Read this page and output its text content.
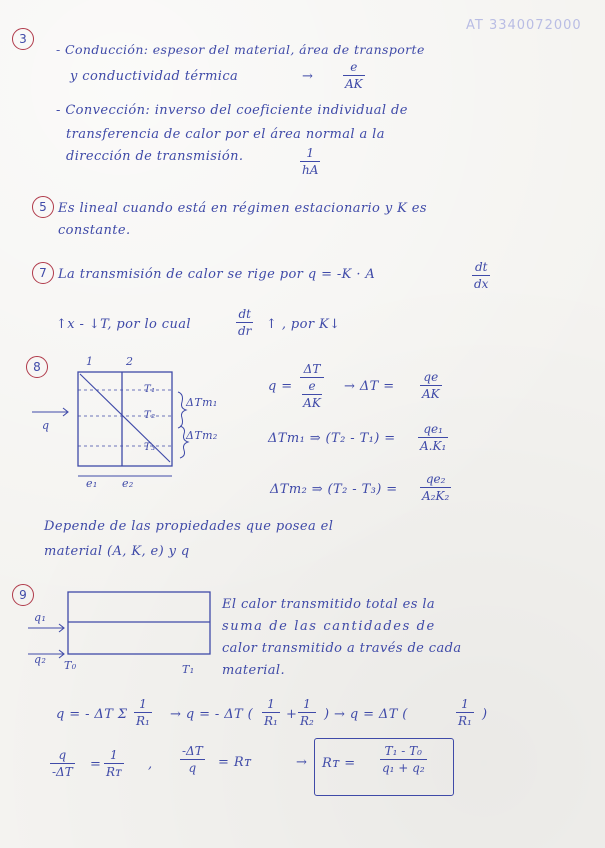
AT 3340072000
3
- Conducción: espesor del material, área de transporte
y conductividad térmica	→
e
AK
- Convección: inverso del coeficiente individual de
transferencia de calor por el área normal a la
dirección de transmisión.	1
hA
5 Es lineal cuando está en régimen estacionario y K es
constante.
7 La transmisión de calor se rige por q = -K · A	dt
dx
↑x - ↓T, por lo cual
dt
dr ↑ , por K↓
8	1	2
T₁
T₂
T₃
ΔTm₁
ΔTm₂
q
e₁ e₂
q =
ΔT
e
AK
→ ΔT =
qe
AK
ΔTm₁ ⇒ (T₂ - T₁) =
qe₁
A.K₁
ΔTm₂ ⇒ (T₂ - T₃) =
qe₂
A₂K₂
Depende de las propiedades que posea el
material (A, K, e) y q
9
q₁
q₂ T₀	T₁
El calor transmitido total es la
suma de las cantidades de
calor transmitido a través de cada
material.
q = - ΔT Σ
1
R₁ → q = - ΔT (
1
R₁ +
1
R₂ ) → q = ΔT (
1
R₁ )
q
-ΔT =
1
Rᴛ ,
-ΔT
q = Rᴛ	→ Rᴛ =
T₁ - T₀
q₁ + q₂
